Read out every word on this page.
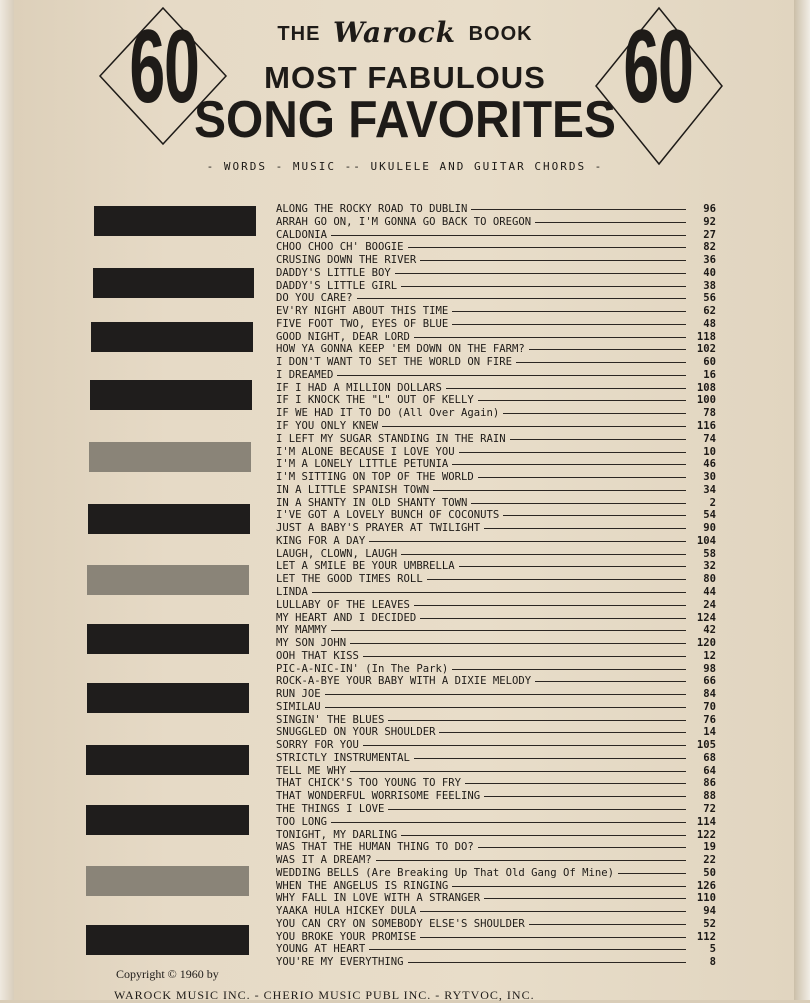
60	60
THE Warock BOOK
MOST FABULOUS
SONG FAVORITES
- WORDS - MUSIC -- UKULELE AND GUITAR CHORDS -
ALONG THE ROCKY ROAD TO DUBLIN	96
ARRAH GO ON, I'M GONNA GO BACK TO OREGON	92
CALDONIA	27
CHOO CHOO CH' BOOGIE	82
CRUSING DOWN THE RIVER	36
DADDY'S LITTLE BOY	40
DADDY'S LITTLE GIRL	38
DO YOU CARE?	56
EV'RY NIGHT ABOUT THIS TIME	62
FIVE FOOT TWO, EYES OF BLUE	48
GOOD NIGHT, DEAR LORD	118
HOW YA GONNA KEEP 'EM DOWN ON THE FARM?	102
I DON'T WANT TO SET THE WORLD ON FIRE	60
I DREAMED	16
IF I HAD A MILLION DOLLARS	108
IF I KNOCK THE "L" OUT OF KELLY	100
IF WE HAD IT TO DO (All Over Again)	78
IF YOU ONLY KNEW	116
I LEFT MY SUGAR STANDING IN THE RAIN	74
I'M ALONE BECAUSE I LOVE YOU	10
I'M A LONELY LITTLE PETUNIA	46
I'M SITTING ON TOP OF THE WORLD	30
IN A LITTLE SPANISH TOWN	34
IN A SHANTY IN OLD SHANTY TOWN	2
I'VE GOT A LOVELY BUNCH OF COCONUTS	54
JUST A BABY'S PRAYER AT TWILIGHT	90
KING FOR A DAY	104
LAUGH, CLOWN, LAUGH	58
LET A SMILE BE YOUR UMBRELLA	32
LET THE GOOD TIMES ROLL	80
LINDA	44
LULLABY OF THE LEAVES	24
MY HEART AND I DECIDED	124
MY MAMMY	42
MY SON JOHN	120
OOH THAT KISS	12
PIC-A-NIC-IN' (In The Park)	98
ROCK-A-BYE YOUR BABY WITH A DIXIE MELODY	66
RUN JOE	84
SIMILAU	70
SINGIN' THE BLUES	76
SNUGGLED ON YOUR SHOULDER	14
SORRY FOR YOU	105
STRICTLY INSTRUMENTAL	68
TELL ME WHY	64
THAT CHICK'S TOO YOUNG TO FRY	86
THAT WONDERFUL WORRISOME FEELING	88
THE THINGS I LOVE	72
TOO LONG	114
TONIGHT, MY DARLING	122
WAS THAT THE HUMAN THING TO DO?	19
WAS IT A DREAM?	22
WEDDING BELLS (Are Breaking Up That Old Gang Of Mine)	50
WHEN THE ANGELUS IS RINGING	126
WHY FALL IN LOVE WITH A STRANGER	110
YAAKA HULA HICKEY DULA	94
YOU CAN CRY ON SOMEBODY ELSE'S SHOULDER	52
YOU BROKE YOUR PROMISE	112
YOUNG AT HEART	5
YOU'RE MY EVERYTHING	8
Copyright © 1960 by
WAROCK MUSIC INC. - CHERIO MUSIC PUBL INC. - RYTVOC, INC.
